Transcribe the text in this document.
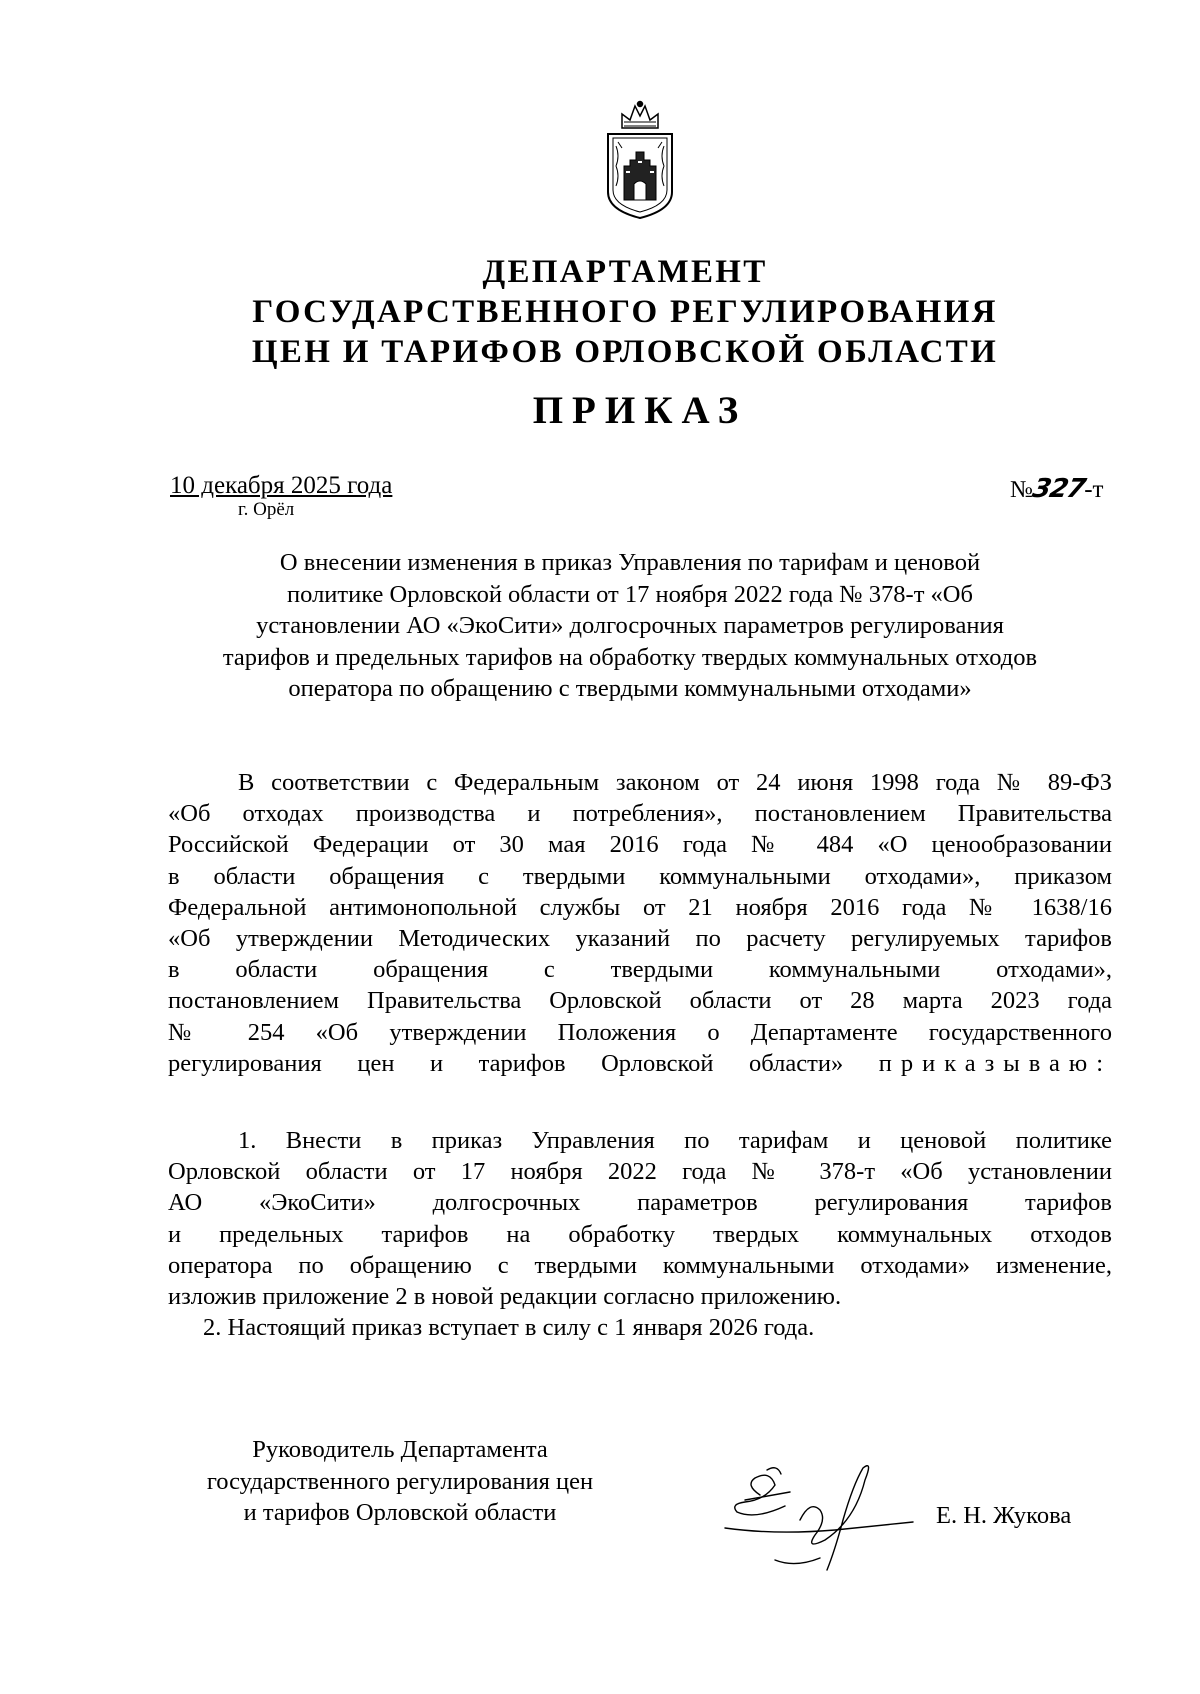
ДЕПАРТАМЕНТ
ГОСУДАРСТВЕННОГО РЕГУЛИРОВАНИЯ
ЦЕН И ТАРИФОВ ОРЛОВСКОЙ ОБЛАСТИ
ПРИКАЗ
10 декабря 2025 года
г. Орёл
№327-т
О внесении изменения в приказ Управления по тарифам и ценовой
политике Орловской области от 17 ноября 2022 года № 378-т «Об
установлении АО «ЭкоСити» долгосрочных параметров регулирования
тарифов и предельных тарифов на обработку твердых коммунальных отходов
оператора по обращению с твердыми коммунальными отходами»
В соответствии с Федеральным законом от 24 июня 1998 года № 89-ФЗ
«Об отходах производства и потребления», постановлением Правительства
Российской Федерации от 30 мая 2016 года № 484 «О ценообразовании
в области обращения с твердыми коммунальными отходами», приказом
Федеральной антимонопольной службы от 21 ноября 2016 года № 1638/16
«Об утверждении Методических указаний по расчету регулируемых тарифов
в области обращения с твердыми коммунальными отходами»,
постановлением Правительства Орловской области от 28 марта 2023 года
№ 254 «Об утверждении Положения о Департаменте государственного
регулирования цен и тарифов Орловской области» приказываю:
1. Внести в приказ Управления по тарифам и ценовой политике
Орловской области от 17 ноября 2022 года № 378-т «Об установлении
АО «ЭкоСити» долгосрочных параметров регулирования тарифов
и предельных тарифов на обработку твердых коммунальных отходов
оператора по обращению с твердыми коммунальными отходами» изменение,
изложив приложение 2 в новой редакции согласно приложению.
2. Настоящий приказ вступает в силу с 1 января 2026 года.
Руководитель Департамента
государственного регулирования цен
и тарифов Орловской области	Е. Н. Жукова
